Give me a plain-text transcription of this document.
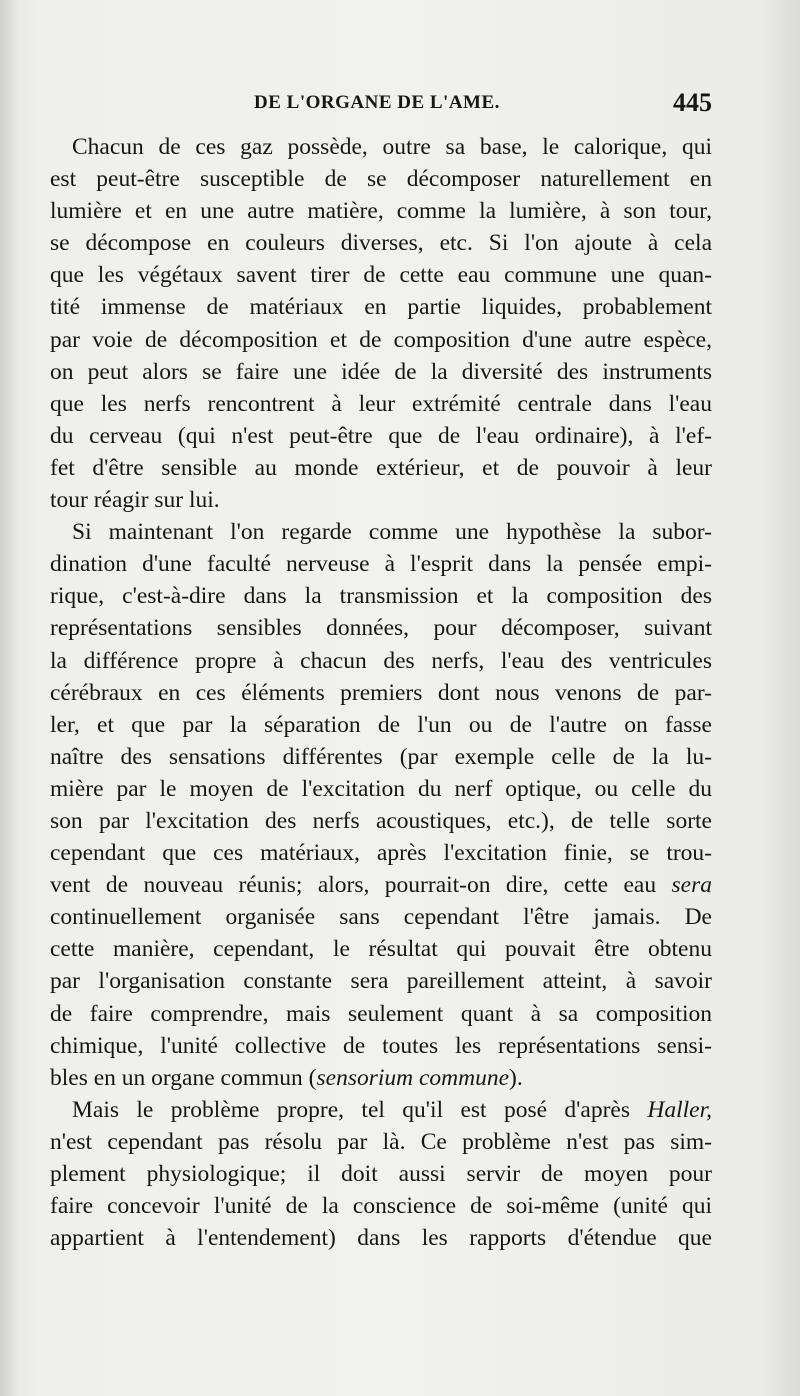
DE L'ORGANE DE L'AME.	445
Chacun de ces gaz possède, outre sa base, le calorique, qui
est peut-être susceptible de se décomposer naturellement en
lumière et en une autre matière, comme la lumière, à son tour,
se décompose en couleurs diverses, etc. Si l'on ajoute à cela
que les végétaux savent tirer de cette eau commune une quan-
tité immense de matériaux en partie liquides, probablement
par voie de décomposition et de composition d'une autre espèce,
on peut alors se faire une idée de la diversité des instruments
que les nerfs rencontrent à leur extrémité centrale dans l'eau
du cerveau (qui n'est peut-être que de l'eau ordinaire), à l'ef-
fet d'être sensible au monde extérieur, et de pouvoir à leur
tour réagir sur lui.
Si maintenant l'on regarde comme une hypothèse la subor-
dination d'une faculté nerveuse à l'esprit dans la pensée empi-
rique, c'est-à-dire dans la transmission et la composition des
représentations sensibles données, pour décomposer, suivant
la différence propre à chacun des nerfs, l'eau des ventricules
cérébraux en ces éléments premiers dont nous venons de par-
ler, et que par la séparation de l'un ou de l'autre on fasse
naître des sensations différentes (par exemple celle de la lu-
mière par le moyen de l'excitation du nerf optique, ou celle du
son par l'excitation des nerfs acoustiques, etc.), de telle sorte
cependant que ces matériaux, après l'excitation finie, se trou-
vent de nouveau réunis; alors, pourrait-on dire, cette eau sera
continuellement organisée sans cependant l'être jamais. De
cette manière, cependant, le résultat qui pouvait être obtenu
par l'organisation constante sera pareillement atteint, à savoir
de faire comprendre, mais seulement quant à sa composition
chimique, l'unité collective de toutes les représentations sensi-
bles en un organe commun (sensorium commune).
Mais le problème propre, tel qu'il est posé d'après Haller,
n'est cependant pas résolu par là. Ce problème n'est pas sim-
plement physiologique; il doit aussi servir de moyen pour
faire concevoir l'unité de la conscience de soi-même (unité qui
appartient à l'entendement) dans les rapports d'étendue que
